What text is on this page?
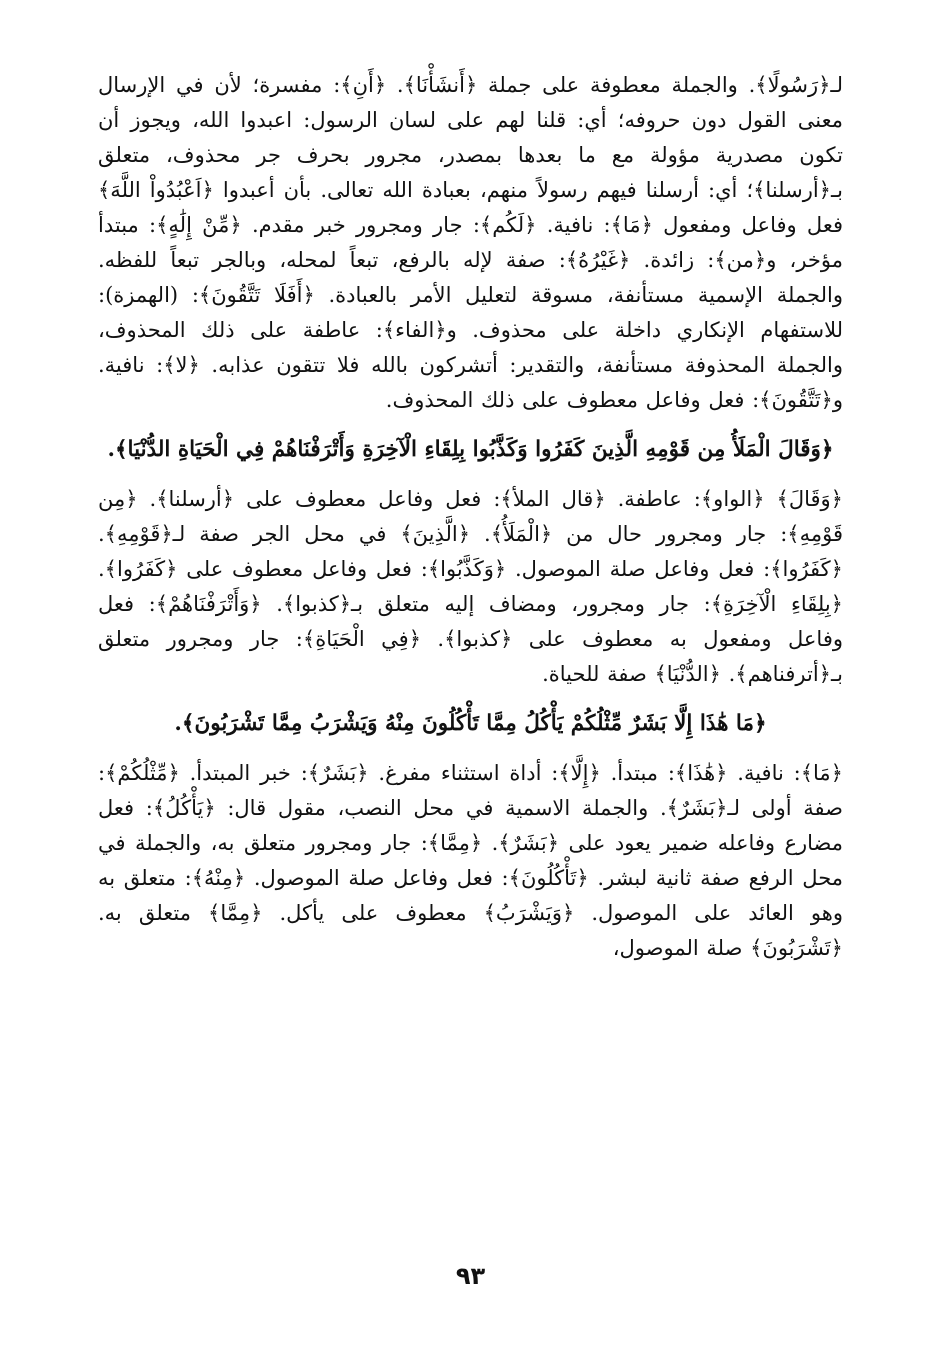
لـ﴿رَسُولًا﴾. والجملة معطوفة على جملة ﴿أَنشَأْنَا﴾. ﴿أَنِ﴾: مفسرة؛ لأن في الإرسال معنى القول دون حروفه؛ أي: قلنا لهم على لسان الرسول: اعبدوا الله، ويجوز أن تكون مصدرية مؤولة مع ما بعدها بمصدر، مجرور بحرف جر محذوف، متعلق بـ﴿أرسلنا﴾؛ أي: أرسلنا فيهم رسولاً منهم، بعبادة الله تعالى. بأن أعبدوا ﴿اَعْبُدُواْ اللَّهَ﴾ فعل وفاعل ومفعول ﴿مَا﴾: نافية. ﴿لَكُم﴾: جار ومجرور خبر مقدم. ﴿مِّنْ إِلَٰهٍ﴾: مبتدأ مؤخر، و﴿من﴾: زائدة. ﴿غَيْرُهُ﴾: صفة لإله بالرفع، تبعاً لمحله، وبالجر تبعاً للفظه. والجملة الإسمية مستأنفة، مسوقة لتعليل الأمر بالعبادة. ﴿أَفَلَا تَتَّقُونَ﴾: (الهمزة): للاستفهام الإنكاري داخلة على محذوف. و﴿الفاء﴾: عاطفة على ذلك المحذوف، والجملة المحذوفة مستأنفة، والتقدير: أتشركون بالله فلا تتقون عذابه. ﴿لا﴾: نافية. و﴿تَتَّقُونَ﴾: فعل وفاعل معطوف على ذلك المحذوف.

﴿وَقَالَ الْمَلَأُ مِن قَوْمِهِ الَّذِينَ كَفَرُوا وَكَذَّبُوا بِلِقَاءِ الْآخِرَةِ وَأَتْرَفْنَاهُمْ فِي الْحَيَاةِ الدُّنْيَا﴾.

﴿وَقَالَ﴾ ﴿الواو﴾: عاطفة. ﴿قال الملأ﴾: فعل وفاعل معطوف على ﴿أرسلنا﴾. ﴿مِن قَوْمِهِ﴾: جار ومجرور حال من ﴿الْمَلَأُ﴾. ﴿الَّذِينَ﴾ في محل الجر صفة لـ﴿قَوْمِهِ﴾. ﴿كَفَرُوا﴾: فعل وفاعل صلة الموصول. ﴿وَكَذَّبُوا﴾: فعل وفاعل معطوف على ﴿كَفَرُوا﴾. ﴿بِلِقَاءِ الْآخِرَةِ﴾: جار ومجرور، ومضاف إليه متعلق بـ﴿كذبوا﴾. ﴿وَأَتْرَفْنَاهُمْ﴾: فعل وفاعل ومفعول به معطوف على ﴿كذبوا﴾. ﴿فِي الْحَيَاةِ﴾: جار ومجرور متعلق بـ﴿أترفناهم﴾. ﴿الدُّنْيَا﴾ صفة للحياة.

﴿مَا هَٰذَا إِلَّا بَشَرٌ مِّثْلُكُمْ يَأْكُلُ مِمَّا تَأْكُلُونَ مِنْهُ وَيَشْرَبُ مِمَّا تَشْرَبُونَ﴾.

﴿مَا﴾: نافية. ﴿هَٰذَا﴾: مبتدأ. ﴿إِلَّا﴾: أداة استثناء مفرغ. ﴿بَشَرٌ﴾: خبر المبتدأ. ﴿مِّثْلُكُمْ﴾: صفة أولى لـ﴿بَشَرٌ﴾. والجملة الاسمية في محل النصب، مقول قال: ﴿يَأْكُلُ﴾: فعل مضارع وفاعله ضمير يعود على ﴿بَشَرٌ﴾. ﴿مِمَّا﴾: جار ومجرور متعلق به، والجملة في محل الرفع صفة ثانية لبشر. ﴿تَأْكُلُونَ﴾: فعل وفاعل صلة الموصول. ﴿مِنْهُ﴾: متعلق به وهو العائد على الموصول. ﴿وَيَشْرَبُ﴾ معطوف على يأكل. ﴿مِمَّا﴾ متعلق به. ﴿تَشْرَبُونَ﴾ صلة الموصول،

٩٣
